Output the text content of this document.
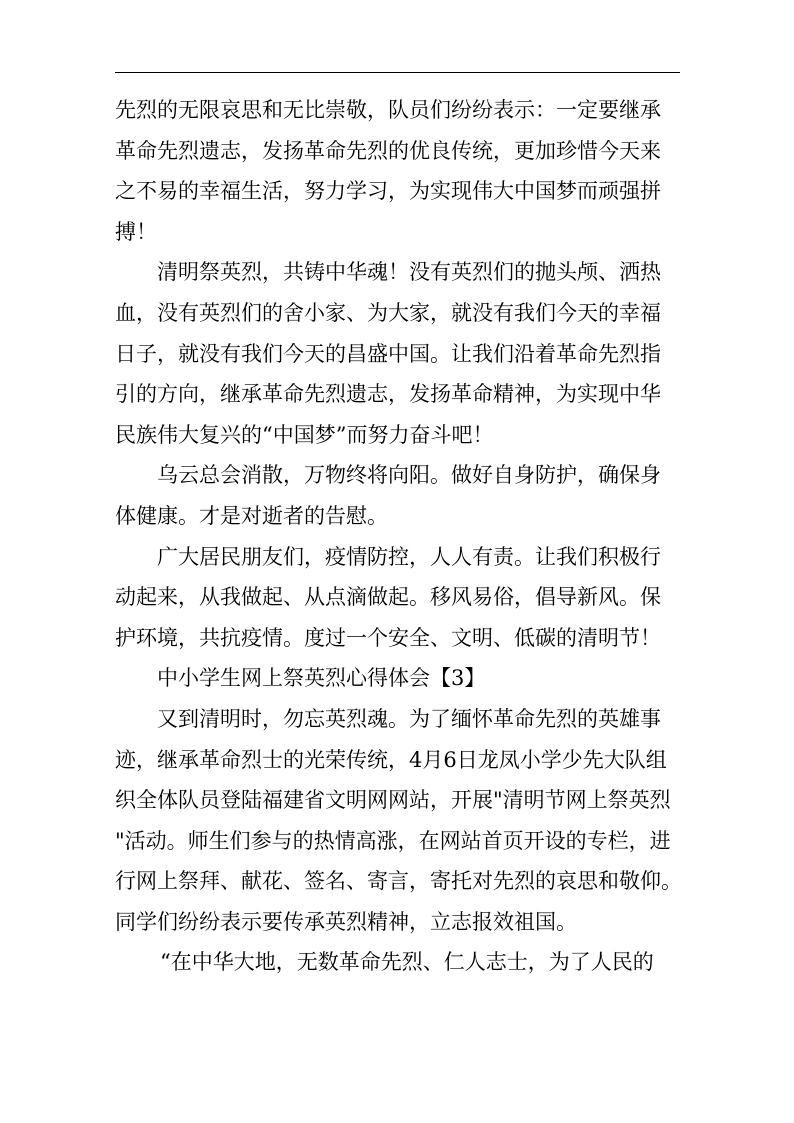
先烈的无限哀思和无比崇敬，队员们纷纷表示：一定要继承
革命先烈遗志，发扬革命先烈的优良传统，更加珍惜今天来
之不易的幸福生活，努力学习，为实现伟大中国梦而顽强拼
搏！
清明祭英烈，共铸中华魂！没有英烈们的抛头颅、洒热
血，没有英烈们的舍小家、为大家，就没有我们今天的幸福
日子，就没有我们今天的昌盛中国。让我们沿着革命先烈指
引的方向，继承革命先烈遗志，发扬革命精神，为实现中华
民族伟大复兴的“中国梦”而努力奋斗吧！
乌云总会消散，万物终将向阳。做好自身防护，确保身
体健康。才是对逝者的告慰。
广大居民朋友们，疫情防控，人人有责。让我们积极行
动起来，从我做起、从点滴做起。移风易俗，倡导新风。保
护环境，共抗疫情。度过一个安全、文明、低碳的清明节！
中小学生网上祭英烈心得体会【3】
又到清明时，勿忘英烈魂。为了缅怀革命先烈的英雄事
迹，继承革命烈士的光荣传统，4月6日龙凤小学少先大队组
织全体队员登陆福建省文明网网站，开展"清明节网上祭英烈
"活动。师生们参与的热情高涨，在网站首页开设的专栏，进
行网上祭拜、献花、签名、寄言，寄托对先烈的哀思和敬仰。
同学们纷纷表示要传承英烈精神，立志报效祖国。
“在中华大地，无数革命先烈、仁人志士，为了人民的
